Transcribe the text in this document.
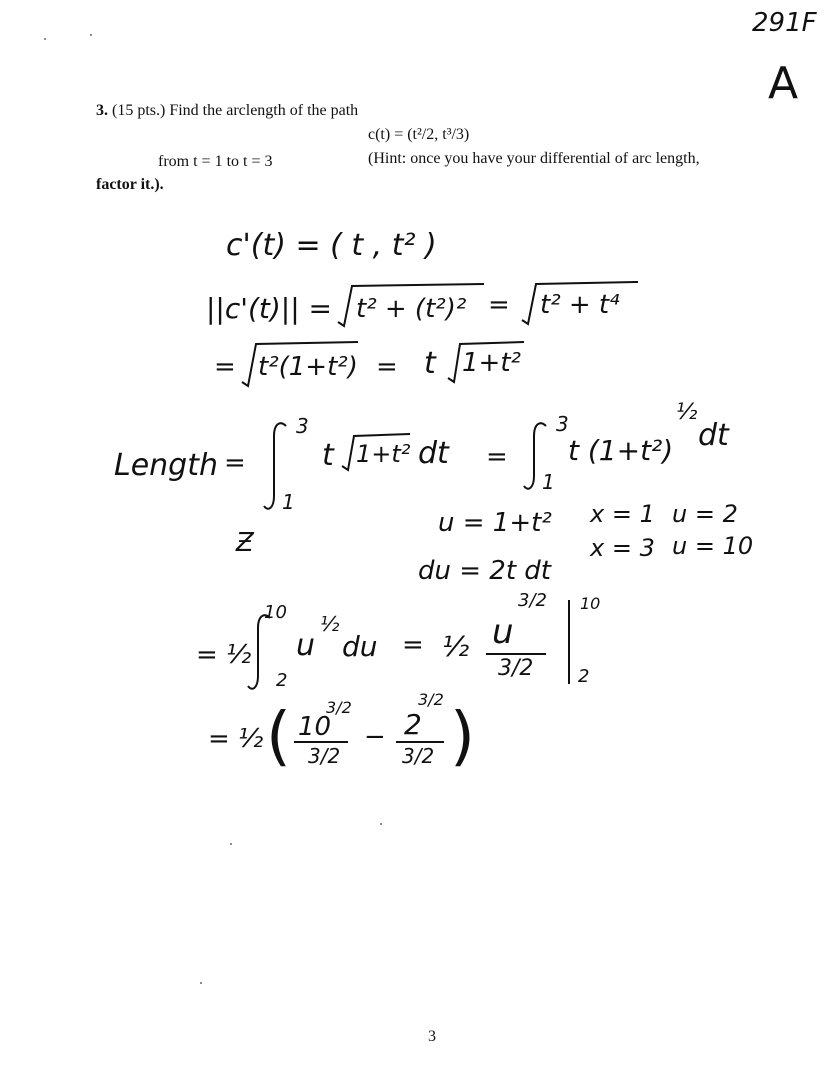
291F
A
3. (15 pts.) Find the arclength of the path
c(t) = (t²/2, t³/3)
from t = 1 to t = 3	(Hint: once you have your differential of arc length,
factor it.).
c'(t) = ( t , t² )
||c'(t)|| = t² + (t²)² = t² + t⁴
= t²(1+t²) = t 1+t²
Length =
3
1
t 1+t² dt =
3
1
t (1+t²)
½
dt
u = 1+t²
du = 2t dt
x = 1 u = 2
x = 3 u = 10
Ƶ
= ½
10
2
u
½
du = ½ u
3/2
3/2
10
2
= ½ ( 10
3/2
3/2
− 2
3/2
3/2 )
3
